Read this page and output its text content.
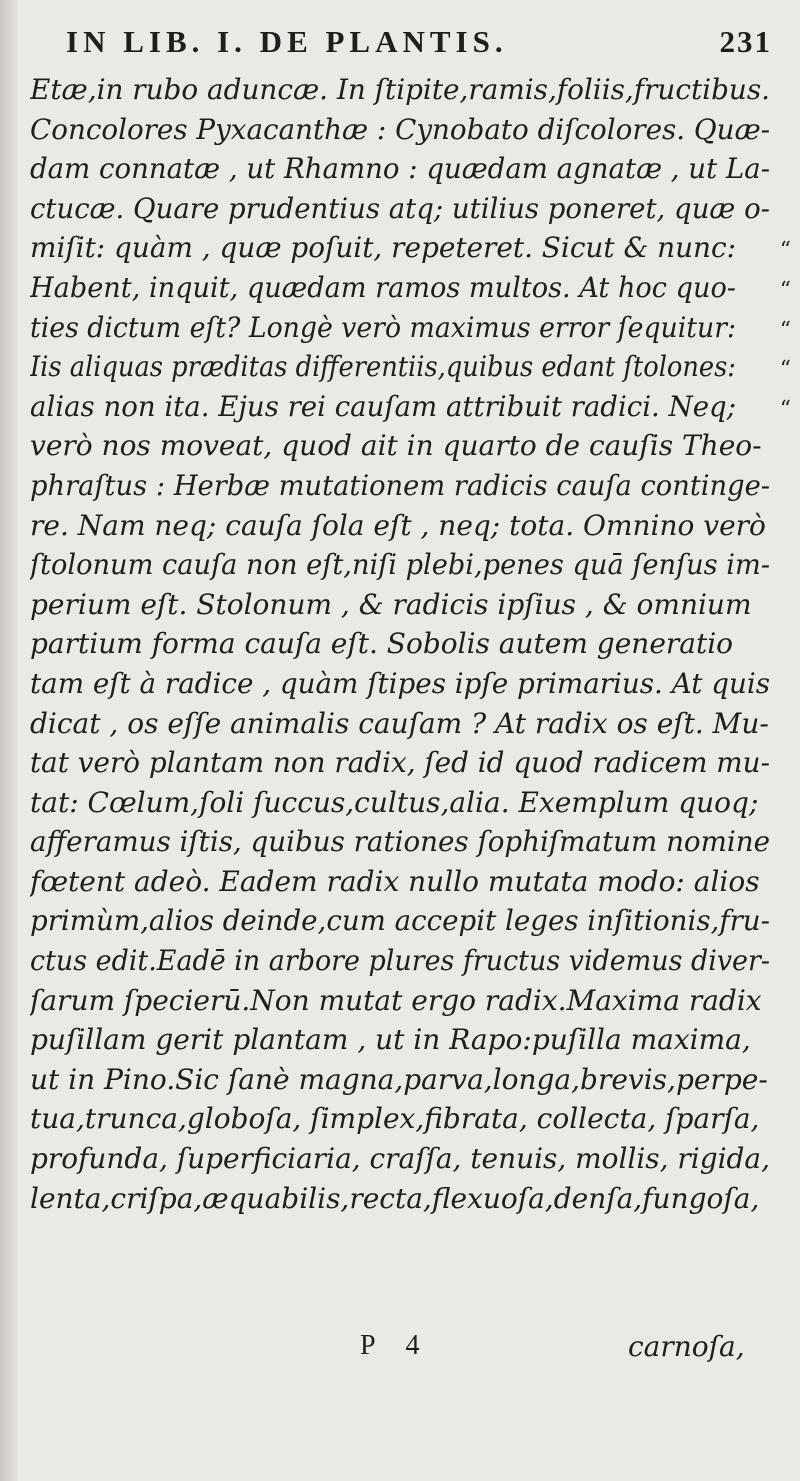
IN LIB. I. DE PLANTIS.	231
Etæ,in rubo aduncæ. In ſtipite,ramis,foliis,fructibus.
Concolores Pyxacanthæ : Cynobato diſcolores. Quæ-
dam connatæ , ut Rhamno : quædam agnatæ , ut La-
ctucæ. Quare prudentius atq; utilius poneret, quæ o-
miſit: quàm , quæ poſuit, repeteret. Sicut & nunc:	“
Habent, inquit, quædam ramos multos. At hoc quo-	“
ties dictum eſt? Longè verò maximus error ſequitur:	“
Iis aliquas præditas differentiis,quibus edant ſtolones:	“
alias non ita. Ejus rei cauſam attribuit radici. Neq;	“
verò nos moveat, quod ait in quarto de cauſis Theo-
phraſtus : Herbæ mutationem radicis cauſa continge-
re. Nam neq; cauſa ſola eſt , neq; tota. Omnino verò
ſtolonum cauſa non eſt,niſi plebi,penes quā ſenſus im-
perium eſt. Stolonum , & radicis ipſius , & omnium
partium forma cauſa eſt. Sobolis autem generatio
tam eſt à radice , quàm ſtipes ipſe primarius. At quis
dicat , os eſſe animalis cauſam ? At radix os eſt. Mu-
tat verò plantam non radix, ſed id quod radicem mu-
tat: Cœlum,ſoli ſuccus,cultus,alia. Exemplum quoq;
afferamus iſtis, quibus rationes ſophiſmatum nomine
fœtent adeò. Eadem radix nullo mutata modo: alios
primùm,alios deinde,cum accepit leges inſitionis,fru-
ctus edit.Eadē in arbore plures fructus videmus diver-
ſarum ſpecierū.Non mutat ergo radix.Maxima radix
puſillam gerit plantam , ut in Rapo:puſilla maxima,
ut in Pino.Sic ſanè magna,parva,longa,brevis,perpe-
tua,trunca,globoſa, ſimplex,fibrata, collecta, ſparſa,
profunda, ſuperficiaria, craſſa, tenuis, mollis, rigida,
lenta,criſpa,æquabilis,recta,flexuoſa,denſa,fungoſa,
P 4	carnoſa,
